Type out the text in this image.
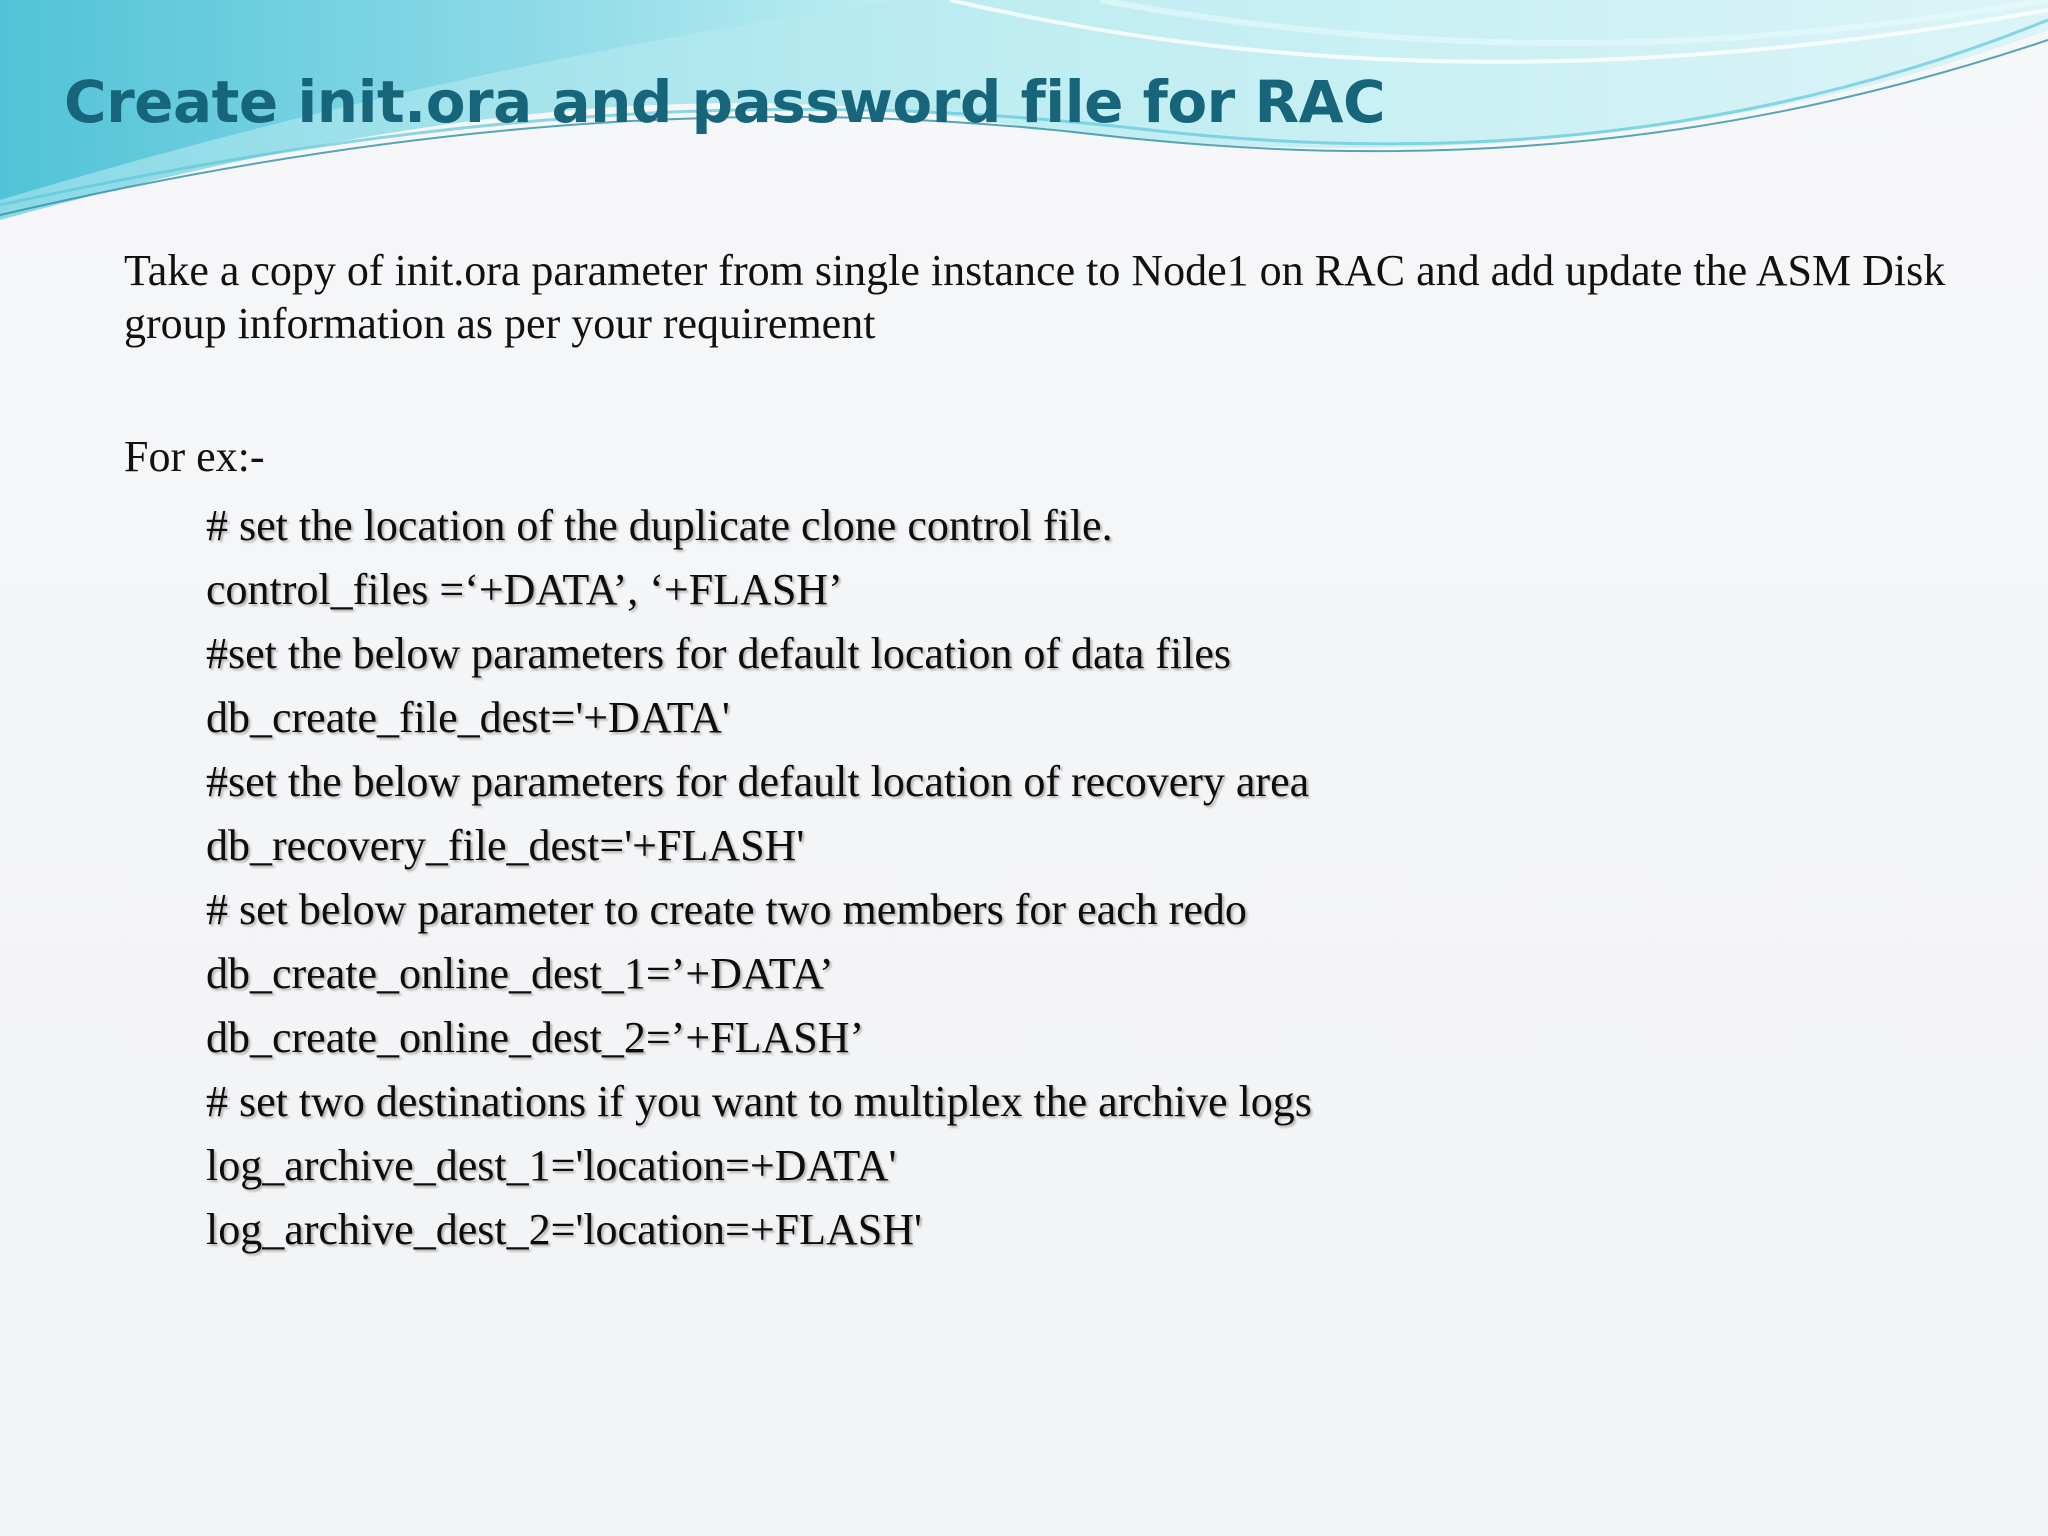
Create init.ora and password file for RAC

Take a copy of init.ora parameter from single instance to Node1 on RAC and add update the ASM Disk group information as per your requirement

For ex:-

# set the location of the duplicate clone control file.
control_files =‘+DATA’, ‘+FLASH’
#set the below parameters for default location of data files
db_create_file_dest='+DATA'
#set the below parameters for default location of recovery area
db_recovery_file_dest='+FLASH'
# set below parameter to create two members for each redo
db_create_online_dest_1=’+DATA’
db_create_online_dest_2=’+FLASH’
# set two destinations if you want to multiplex the archive logs
log_archive_dest_1='location=+DATA'
log_archive_dest_2='location=+FLASH'
